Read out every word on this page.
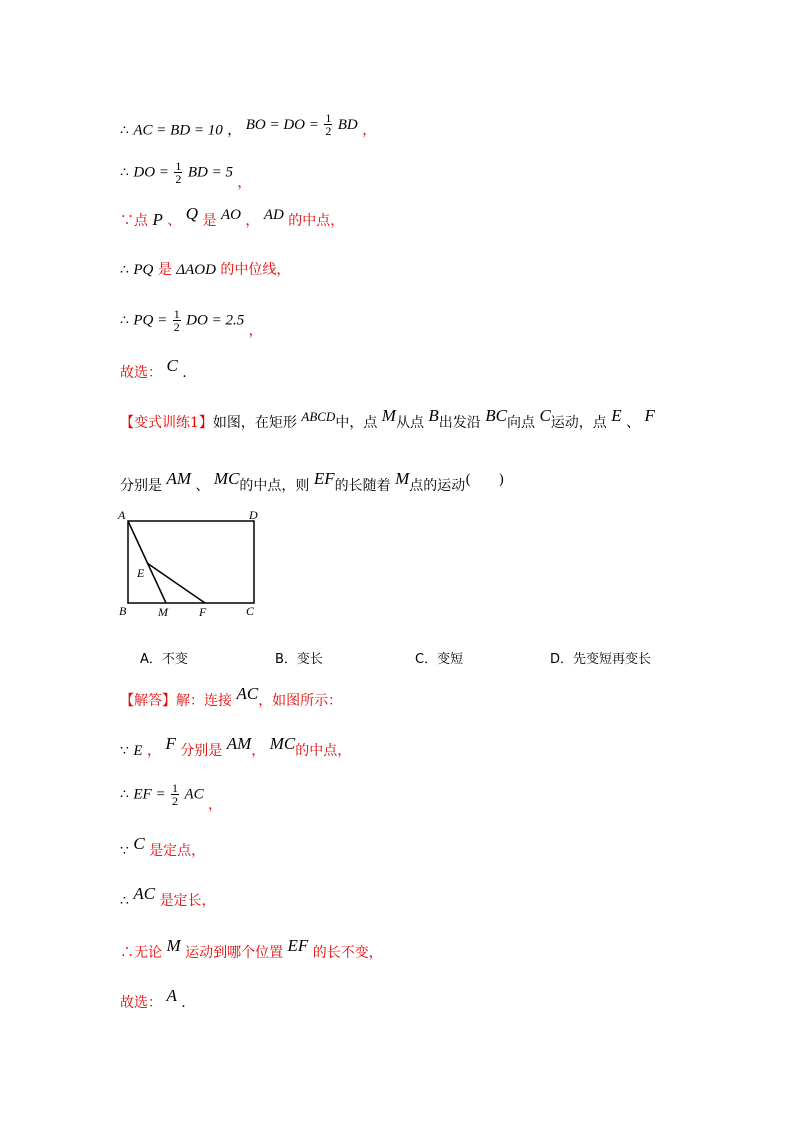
∴ AC = BD = 10 ， BO = DO = $\frac{1}{2}$ BD ，
∴ DO = $\frac{1}{2}$ BD = 5 ，
∵点 P 、 Q 是 AO ， AD 的中点，
∴ PQ 是 ΔAOD 的中位线，
∴ PQ = $\frac{1}{2}$ DO = 2.5 ，
故选： C .
【变式训练1】如图，在矩形 ABCD中，点 M从点 B出发沿 BC向点 C运动，点 E 、 F
分别是 AM 、 MC的中点，则 EF的长随着 M点的运动(　　)
A	D
E
B	M	F	C
A．不变	B．变长	C．变短	D．先变短再变长
【解答】解：连接 AC，如图所示：
∵ E ， F 分别是 AM， MC的中点，
∴ EF = $\frac{1}{2}$ AC ，
∵ C 是定点，
∴ AC 是定长，
∴无论 M 运动到哪个位置 EF 的长不变，
故选： A .
